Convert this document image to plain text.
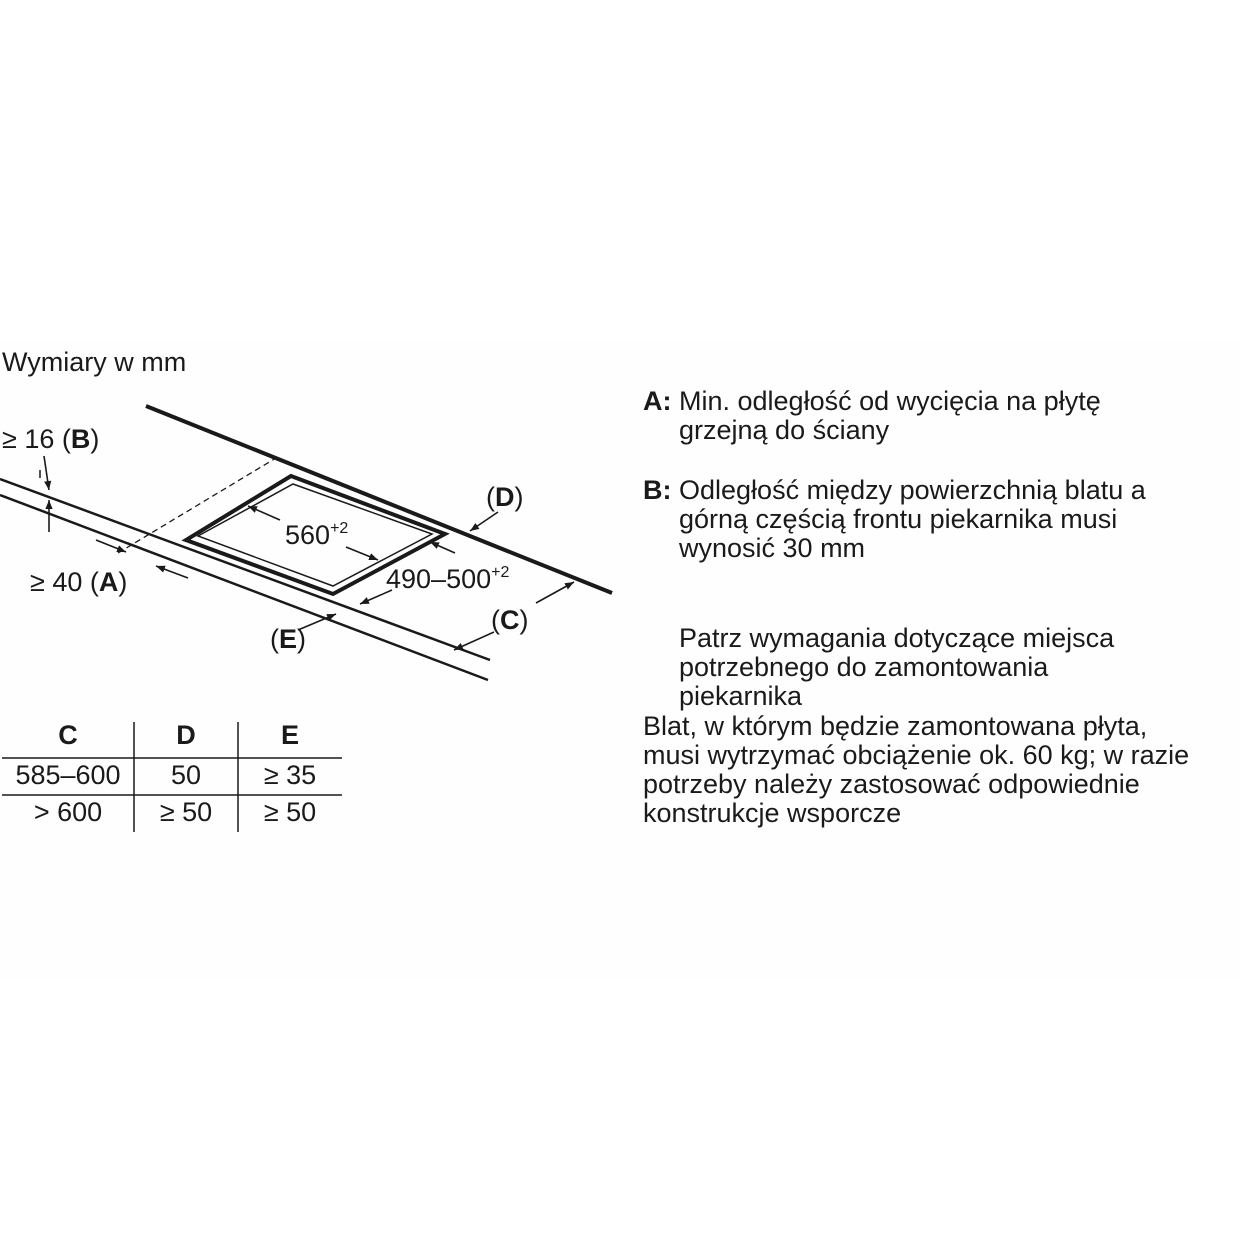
Wymiary w mm
≥ 16 (B)
≥ 40 (A)
(D)
(C)
(E)
$560^{+2}$
$490-500^{+2}$
C	D	E
585–600	50	≥ 35
> 600	≥ 50	≥ 50
A: Min. odległość od wycięcia na płytę
grzejną do ściany
B: Odległość między powierzchnią blatu a
górną częścią frontu piekarnika musi
wynosić 30 mm
Patrz wymagania dotyczące miejsca
potrzebnego do zamontowania
piekarnika
Blat, w którym będzie zamontowana płyta,
musi wytrzymać obciążenie ok. 60 kg; w razie
potrzeby należy zastosować odpowiednie
konstrukcje wsporcze
